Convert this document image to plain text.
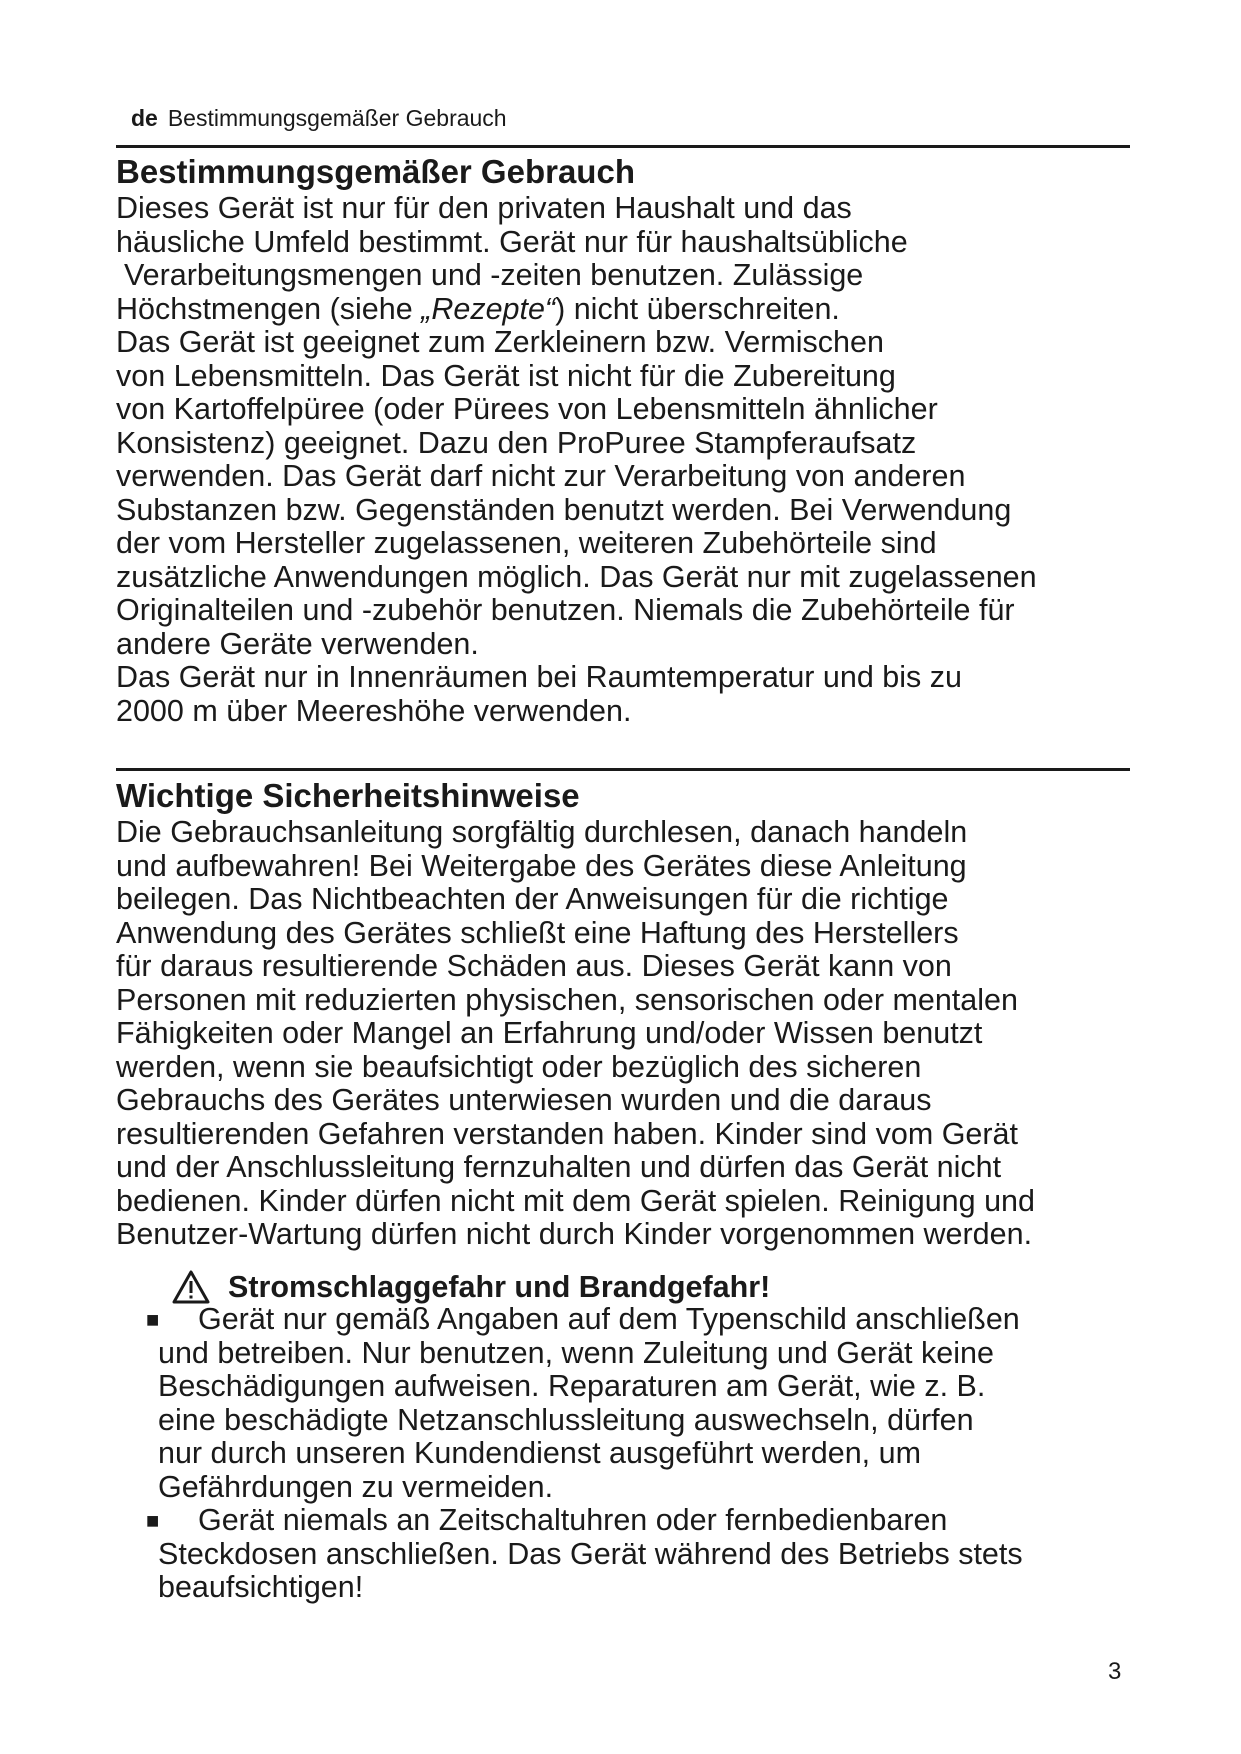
de Bestimmungsgemäßer Gebrauch
Bestimmungsgemäßer Gebrauch
Dieses Gerät ist nur für den privaten Haushalt und das
häusliche Umfeld bestimmt. Gerät nur für haushaltsübliche
Verarbeitungsmengen und -zeiten benutzen. Zulässige
Höchstmengen (siehe „Rezepte“) nicht überschreiten.
Das Gerät ist geeignet zum Zerkleinern bzw. Vermischen
von Lebensmitteln. Das Gerät ist nicht für die Zubereitung
von Kartoffelpüree (oder Pürees von Lebensmitteln ähnlicher
Konsistenz) geeignet. Dazu den ProPuree Stampferaufsatz
verwenden. Das Gerät darf nicht zur Verarbeitung von anderen
Substanzen bzw. Gegenständen benutzt werden. Bei Verwendung
der vom Hersteller zugelassenen, weiteren Zubehörteile sind
zusätzliche Anwendungen möglich. Das Gerät nur mit zugelassenen
Originalteilen und -zubehör benutzen. Niemals die Zubehörteile für
andere Geräte verwenden.
Das Gerät nur in Innenräumen bei Raumtemperatur und bis zu
2000 m über Meereshöhe verwenden.
Wichtige Sicherheitshinweise
Die Gebrauchsanleitung sorgfältig durchlesen, danach handeln
und aufbewahren! Bei Weitergabe des Gerätes diese Anleitung
beilegen. Das Nichtbeachten der Anweisungen für die richtige
Anwendung des Gerätes schließt eine Haftung des Herstellers
für daraus resultierende Schäden aus. Dieses Gerät kann von
Personen mit reduzierten physischen, sensorischen oder mentalen
Fähigkeiten oder Mangel an Erfahrung und/oder Wissen benutzt
werden, wenn sie beaufsichtigt oder bezüglich des sicheren
Gebrauchs des Gerätes unterwiesen wurden und die daraus
resultierenden Gefahren verstanden haben. Kinder sind vom Gerät
und der Anschlussleitung fernzuhalten und dürfen das Gerät nicht
bedienen. Kinder dürfen nicht mit dem Gerät spielen. Reinigung und
Benutzer-Wartung dürfen nicht durch Kinder vorgenommen werden.
Stromschlaggefahr und Brandgefahr!
■ Gerät nur gemäß Angaben auf dem Typenschild anschließen
und betreiben. Nur benutzen, wenn Zuleitung und Gerät keine
Beschädigungen aufweisen. Reparaturen am Gerät, wie z. B.
eine beschädigte Netzanschlussleitung auswechseln, dürfen
nur durch unseren Kundendienst ausgeführt werden, um
Gefährdungen zu vermeiden.
■ Gerät niemals an Zeitschaltuhren oder fernbedienbaren
Steckdosen anschließen. Das Gerät während des Betriebs stets
beaufsichtigen!
3
